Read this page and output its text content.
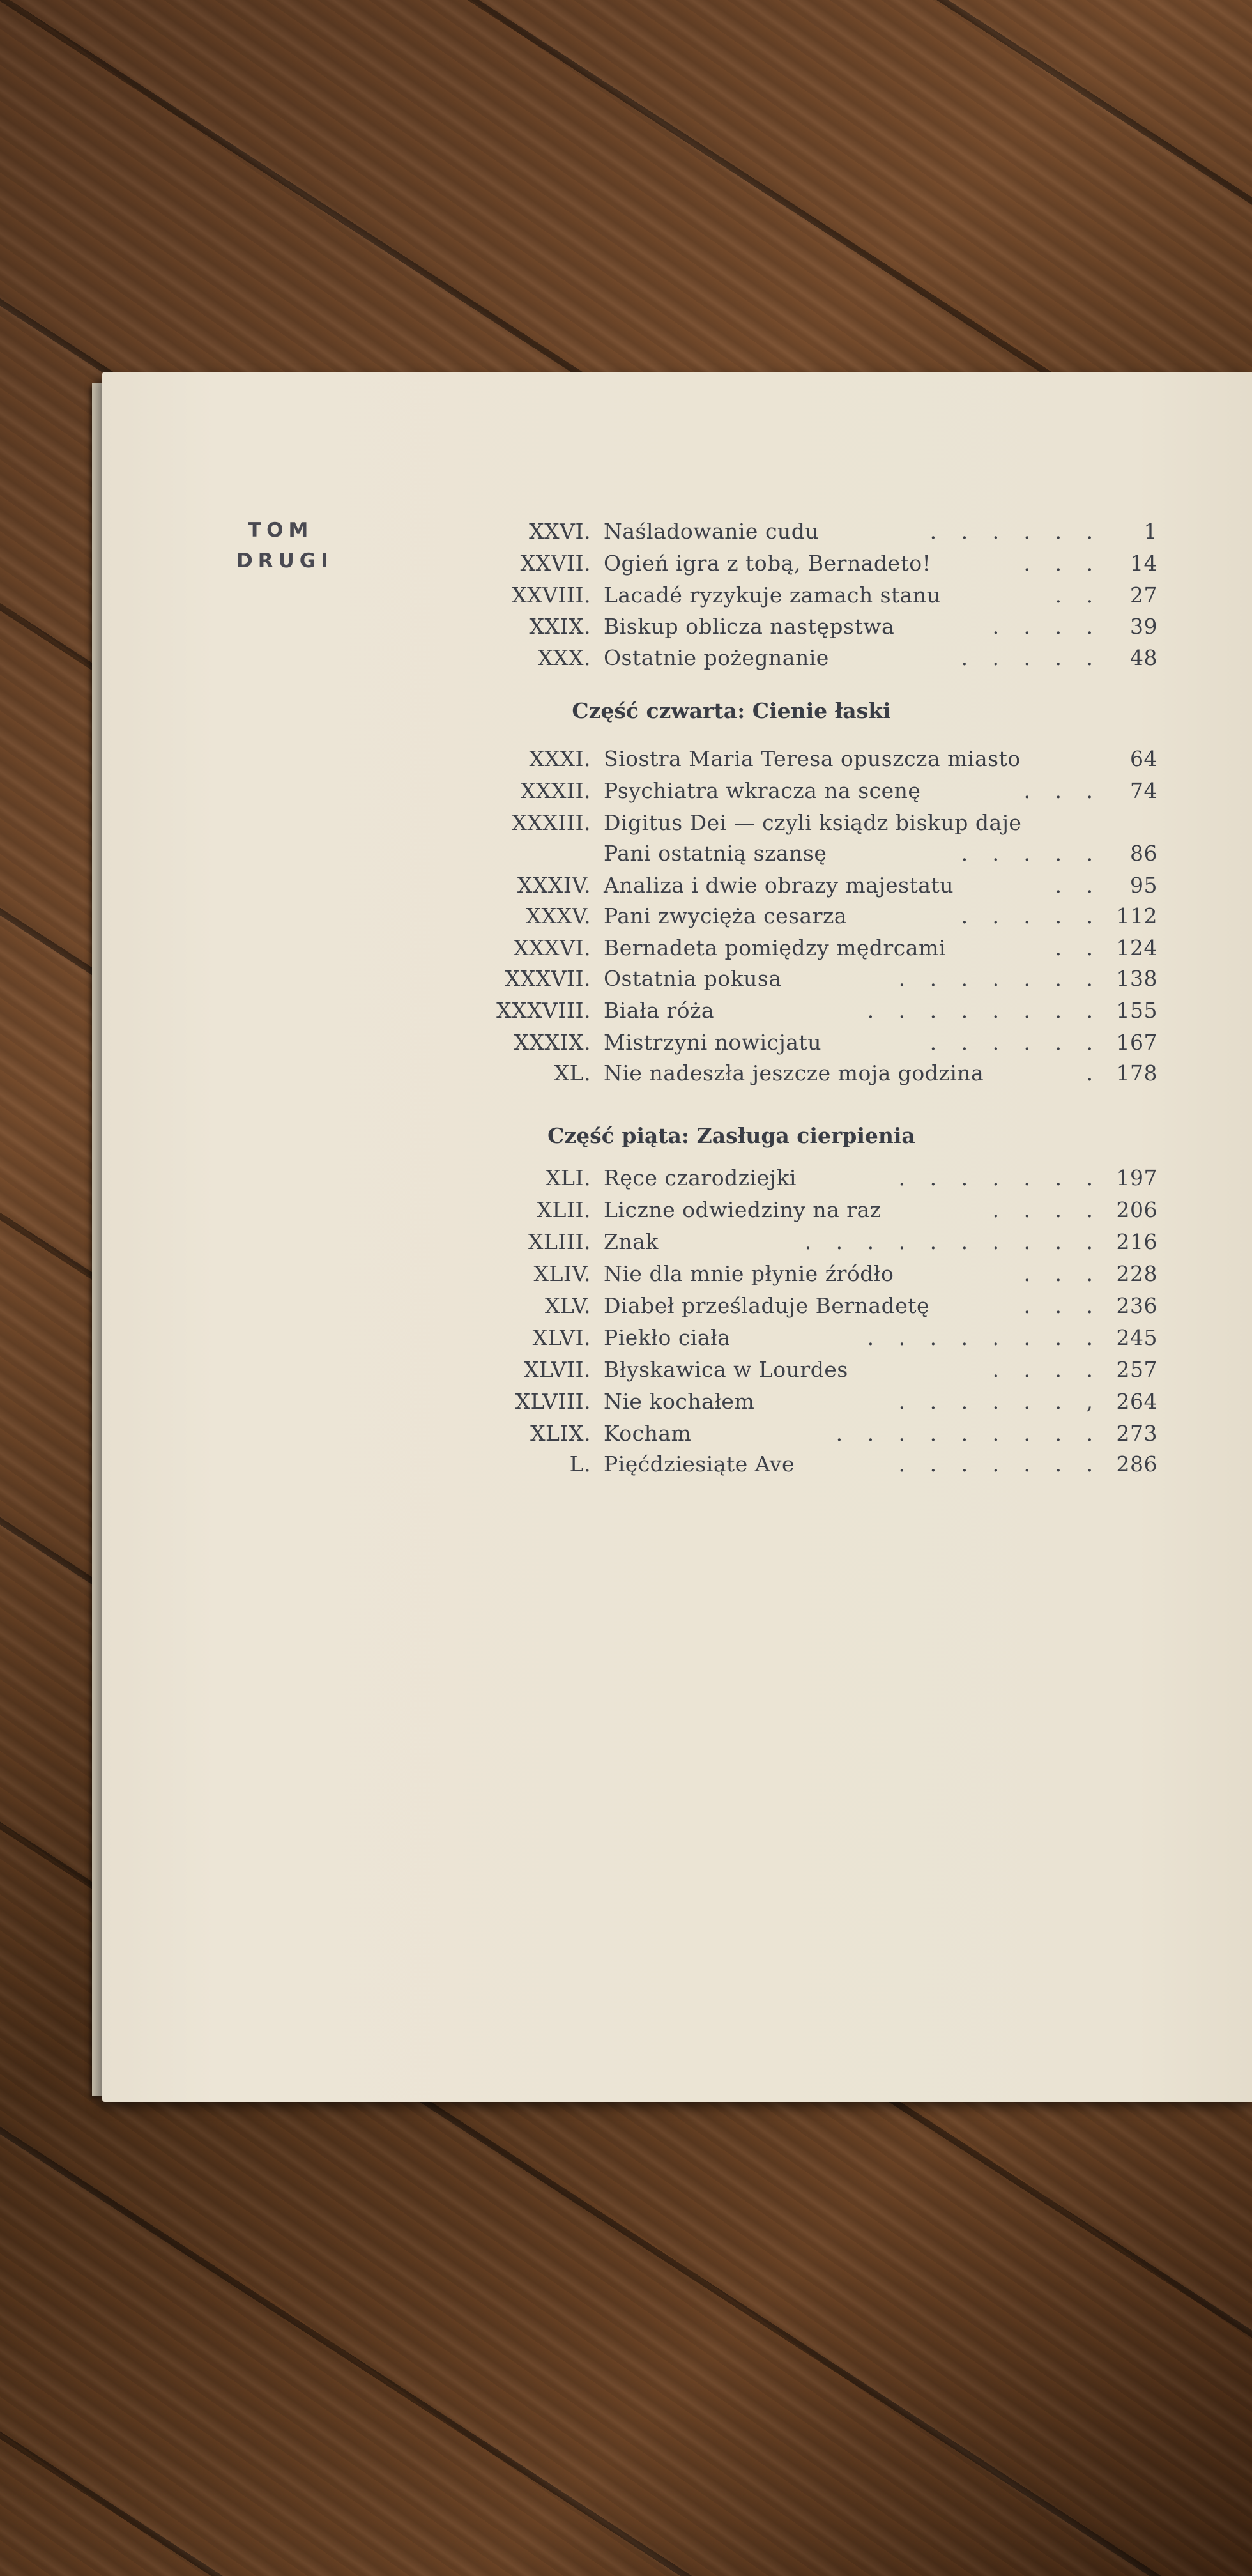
TOM
DRUGI
Część czwarta: Cienie łaski
Część piąta: Zasługa cierpienia
XXVI. Naśladowanie cudu	1
. . . . . .
XXVII. Ogień igra z tobą, Bernadeto!	14
. . .
XXVIII. Lacadé ryzykuje zamach stanu	27
. .
XXIX. Biskup oblicza następstwa	39
. . . .
XXX. Ostatnie pożegnanie	48
. . . . .
XXXI. Siostra Maria Teresa opuszcza miasto	64
XXXII. Psychiatra wkracza na scenę	74
. . .
XXXIII. Digitus Dei — czyli ksiądz biskup daje
Pani ostatnią szansę	86
. . . . .
XXXIV. Analiza i dwie obrazy majestatu	95
. .
XXXV. Pani zwycięża cesarza	112
. . . . .
XXXVI. Bernadeta pomiędzy mędrcami	124
. .
XXXVII. Ostatnia pokusa	138
. . . . . . .
XXXVIII. Biała róża	155
. . . . . . . .
XXXIX. Mistrzyni nowicjatu	167
. . . . . .
XL. Nie nadeszła jeszcze moja godzina	178
.
XLI. Ręce czarodziejki	197
. . . . . . .
XLII. Liczne odwiedziny na raz	206
. . . .
XLIII. Znak	216
. . . . . . . . . .
XLIV. Nie dla mnie płynie źródło	228
. . .
XLV. Diabeł prześladuje Bernadetę	236
. . .
XLVI. Piekło ciała	245
. . . . . . . .
XLVII. Błyskawica w Lourdes	257
. . . .
XLVIII. Nie kochałem	264
. . . . . . ,
XLIX. Kocham	273
. . . . . . . . .
L. Pięćdziesiąte Ave	286
. . . . . . .
